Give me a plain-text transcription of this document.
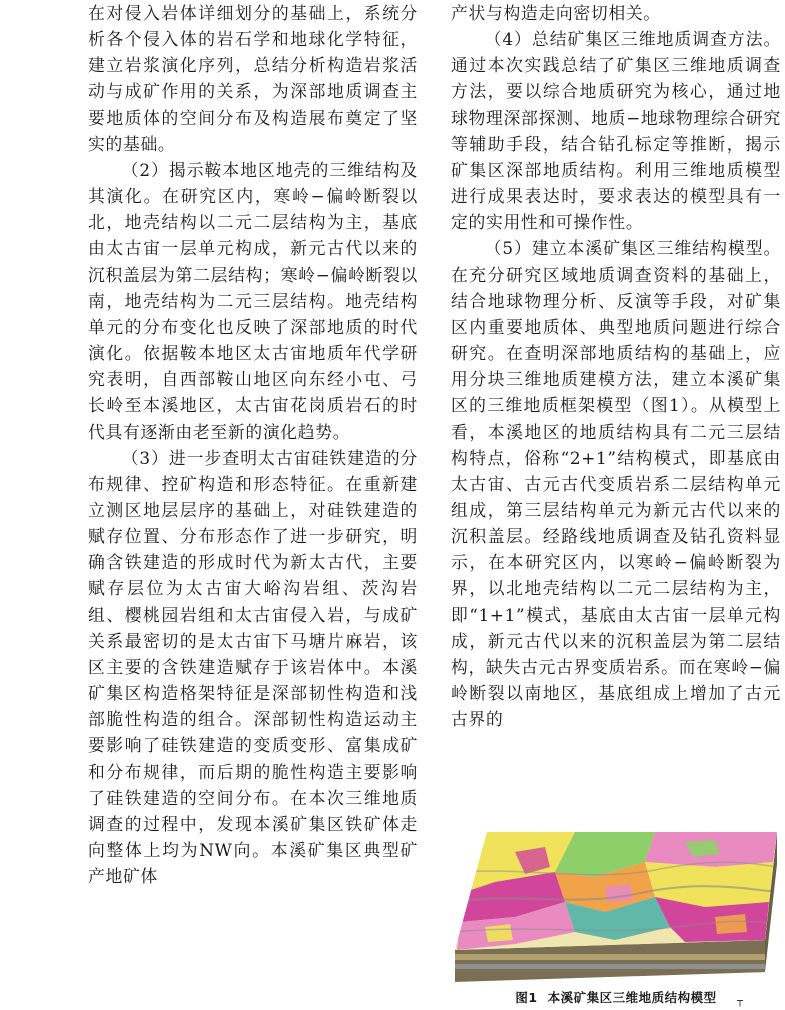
在对侵入岩体详细划分的基础上，系统分析各个侵入体的岩石学和地球化学特征，建立岩浆演化序列，总结分析构造岩浆活动与成矿作用的关系，为深部地质调查主要地质体的空间分布及构造展布奠定了坚实的基础。

（2）揭示鞍本地区地壳的三维结构及其演化。在研究区内，寒岭−偏岭断裂以北，地壳结构以二元二层结构为主，基底由太古宙一层单元构成，新元古代以来的沉积盖层为第二层结构；寒岭−偏岭断裂以南，地壳结构为二元三层结构。地壳结构单元的分布变化也反映了深部地质的时代演化。依据鞍本地区太古宙地质年代学研究表明，自西部鞍山地区向东经小屯、弓长岭至本溪地区，太古宙花岗质岩石的时代具有逐渐由老至新的演化趋势。

（3）进一步查明太古宙硅铁建造的分布规律、控矿构造和形态特征。在重新建立测区地层层序的基础上，对硅铁建造的赋存位置、分布形态作了进一步研究，明确含铁建造的形成时代为新太古代，主要赋存层位为太古宙大峪沟岩组、茨沟岩组、樱桃园岩组和太古宙侵入岩，与成矿关系最密切的是太古宙下马塘片麻岩，该区主要的含铁建造赋存于该岩体中。本溪矿集区构造格架特征是深部韧性构造和浅部脆性构造的组合。深部韧性构造运动主要影响了硅铁建造的变质变形、富集成矿和分布规律，而后期的脆性构造主要影响了硅铁建造的空间分布。在本次三维地质调查的过程中，发现本溪矿集区铁矿体走向整体上均为NW向。本溪矿集区典型矿产地矿体

产状与构造走向密切相关。

（4）总结矿集区三维地质调查方法。通过本次实践总结了矿集区三维地质调查方法，要以综合地质研究为核心，通过地球物理深部探测、地质−地球物理综合研究等辅助手段，结合钻孔标定等推断，揭示矿集区深部地质结构。利用三维地质模型进行成果表达时，要求表达的模型具有一定的实用性和可操作性。

（5）建立本溪矿集区三维结构模型。在充分研究区域地质调查资料的基础上，结合地球物理分析、反演等手段，对矿集区内重要地质体、典型地质问题进行综合研究。在查明深部地质结构的基础上，应用分块三维地质建模方法，建立本溪矿集区的三维地质框架模型（图1）。从模型上看，本溪地区的地质结构具有二元三层结构特点，俗称“2+1”结构模式，即基底由太古宙、古元古代变质岩系二层结构单元组成，第三层结构单元为新元古代以来的沉积盖层。经路线地质调查及钻孔资料显示，在本研究区内，以寒岭−偏岭断裂为界，以北地壳结构以二元二层结构为主，即“1+1”模式，基底由太古宙一层单元构成，新元古代以来的沉积盖层为第二层结构，缺失古元古界变质岩系。而在寒岭−偏岭断裂以南地区，基底组成上增加了古元古界的

图1 本溪矿集区三维地质结构模型	┬
